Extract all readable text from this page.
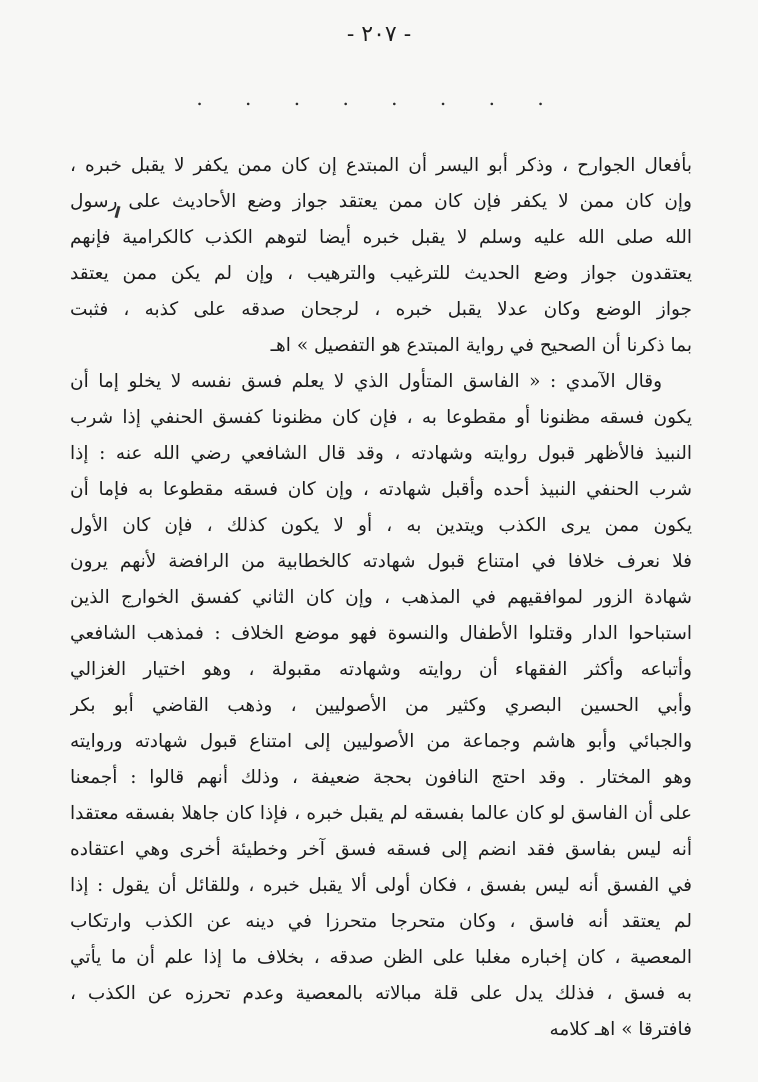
- ٢٠٧ -
. . . . . . . .
بأفعال الجوارح ، وذكر أبو اليسر أن المبتدع إن كان ممن يكفر لا يقبل خبره ،
وإن كان ممن لا يكفر فإن كان ممن يعتقد جواز وضع الأحاديث على رسول
الله صلى الله عليه وسلم لا يقبل خبره أيضا لتوهم الكذب كالكرامية فإنهم
يعتقدون جواز وضع الحديث للترغيب والترهيب ، وإن لم يكن ممن يعتقد
جواز الوضع وكان عدلا يقبل خبره ، لرجحان صدقه على كذبه ، فثبت
بما ذكرنا أن الصحيح في رواية المبتدع هو التفصيل » اهـ
وقال الآمدي : « الفاسق المتأول الذي لا يعلم فسق نفسه لا يخلو إما أن
يكون فسقه مظنونا أو مقطوعا به ، فإن كان مظنونا كفسق الحنفي إذا شرب
النبيذ فالأظهر قبول روايته وشهادته ، وقد قال الشافعي رضي الله عنه : إذا
شرب الحنفي النبيذ أحده وأقبل شهادته ، وإن كان فسقه مقطوعا به فإما أن
يكون ممن يرى الكذب ويتدين به ، أو لا يكون كذلك ، فإن كان الأول
فلا نعرف خلافا في امتناع قبول شهادته كالخطابية من الرافضة لأنهم يرون
شهادة الزور لموافقيهم في المذهب ، وإن كان الثاني كفسق الخوارج الذين
استباحوا الدار وقتلوا الأطفال والنسوة فهو موضع الخلاف : فمذهب الشافعي
وأتباعه وأكثر الفقهاء أن روايته وشهادته مقبولة ، وهو اختيار الغزالي
وأبي الحسين البصري وكثير من الأصوليين ، وذهب القاضي أبو بكر
والجبائي وأبو هاشم وجماعة من الأصوليين إلى امتناع قبول شهادته وروايته
وهو المختار . وقد احتج النافون بحجة ضعيفة ، وذلك أنهم قالوا : أجمعنا
على أن الفاسق لو كان عالما بفسقه لم يقبل خبره ، فإذا كان جاهلا بفسقه معتقدا
أنه ليس بفاسق فقد انضم إلى فسقه فسق آخر وخطيئة أخرى وهي اعتقاده
في الفسق أنه ليس بفسق ، فكان أولى ألا يقبل خبره ، وللقائل أن يقول : إذا
لم يعتقد أنه فاسق ، وكان متحرجا متحرزا في دينه عن الكذب وارتكاب
المعصية ، كان إخباره مغلبا على الظن صدقه ، بخلاف ما إذا علم أن ما يأتي
به فسق ، فذلك يدل على قلة مبالاته بالمعصية وعدم تحرزه عن الكذب ،
فافترقا » اهـ كلامه
